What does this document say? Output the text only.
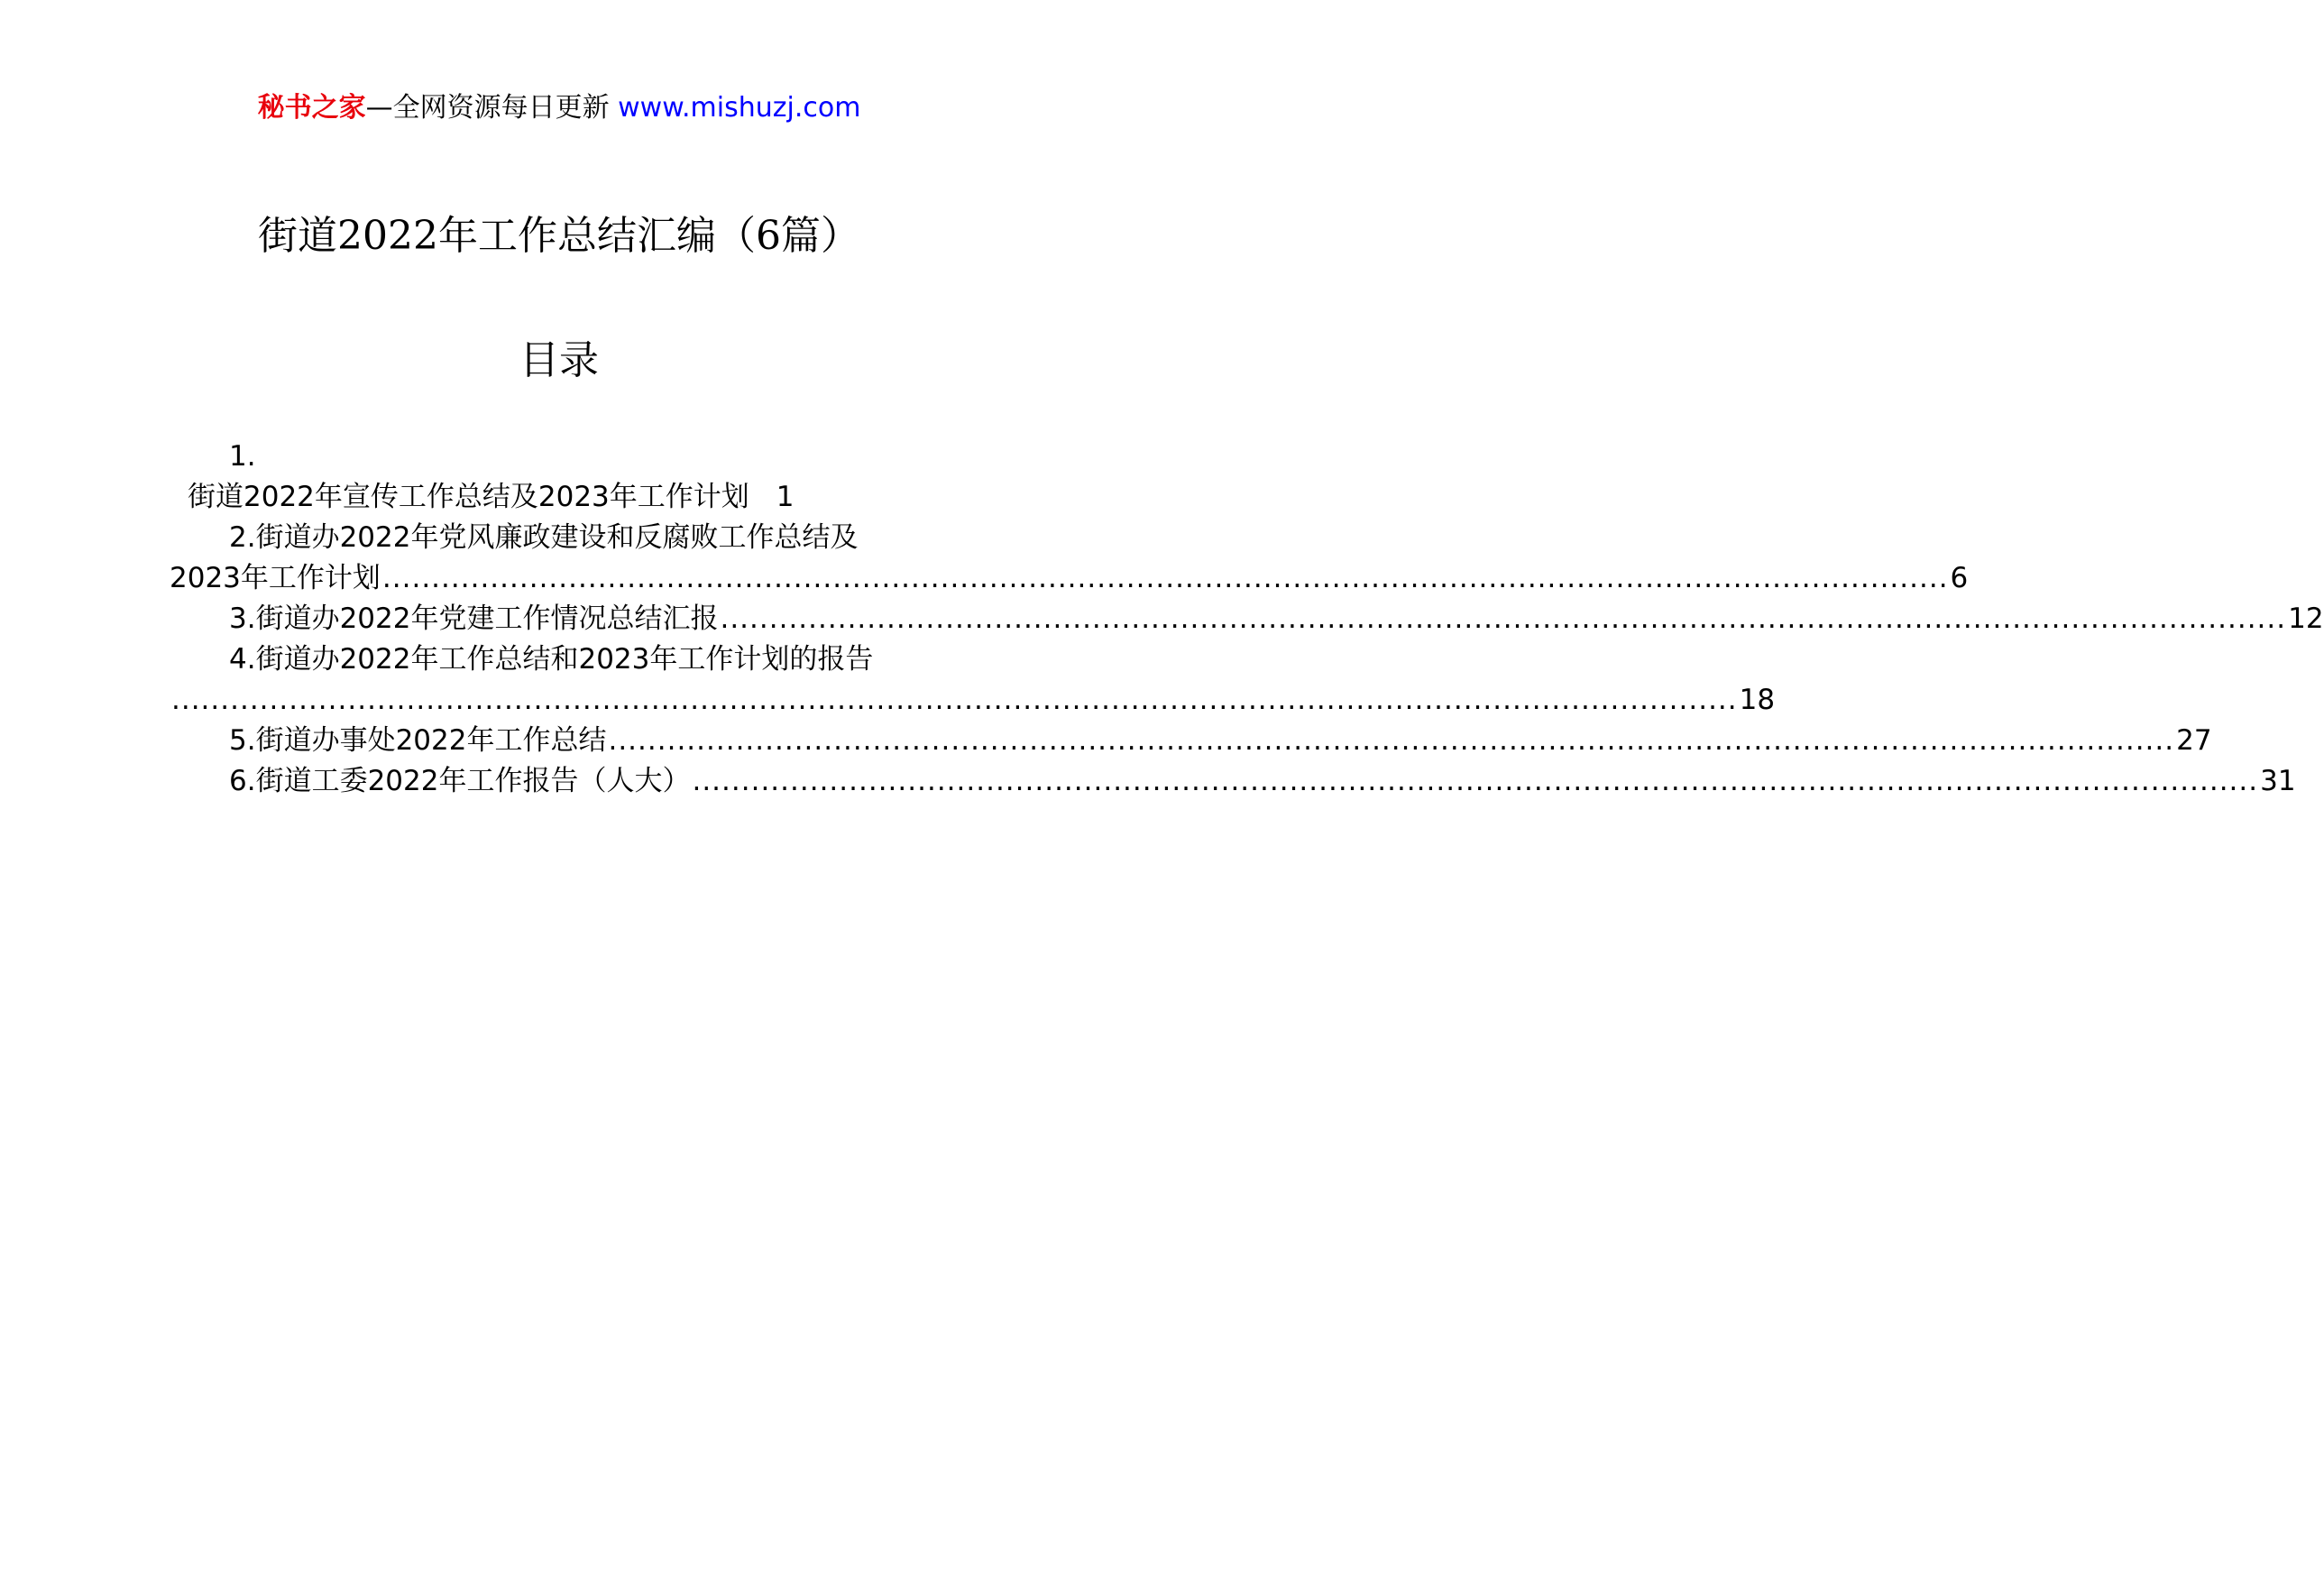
秘书之家—全网资源每日更新 www.mishuzj.com
街道2022年工作总结汇编（6篇）
目录
1.
街道2022年宣传工作总结及2023年工作计划 1
2.街道办2022年党风廉政建设和反腐败工作总结及
2023年工作计划 ................................................................................................................................................................ 6
3.街道办2022年党建工作情况总结汇报 ................................................................................................................................................................ 12
4.街道办2022年工作总结和2023年工作计划的报告
................................................................................................................................................................ 18
5.街道办事处2022年工作总结 ................................................................................................................................................................ 27
6.街道工委2022年工作报告（人大） ................................................................................................................................................................ 31
